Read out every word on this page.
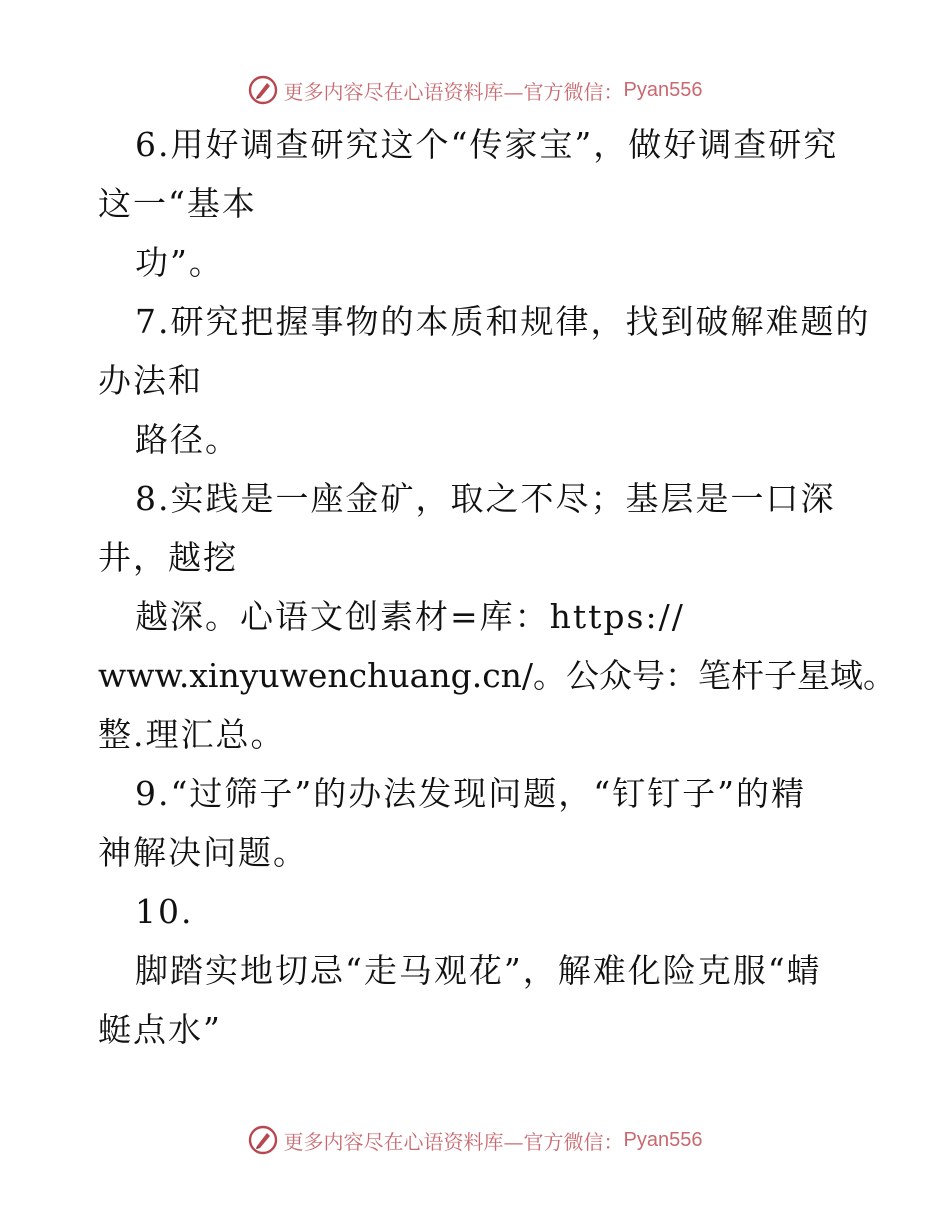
更多内容尽在心语资料库—官方微信： Pyan556
6.用好调查研究这个“传家宝”，做好调查研究
这一“基本
功”。
7.研究把握事物的本质和规律，找到破解难题的
办法和
路径。
8.实践是一座金矿，取之不尽；基层是一口深
井，越挖
越深。心语文创素材=库：https://
www.xinyuwenchuang.cn/。公众号：笔杆子星域。
整.理汇总。
9.“过筛子”的办法发现问题，“钉钉子”的精
神解决问题。
10.
脚踏实地切忌“走马观花”，解难化险克服“蜻
蜓点水”
更多内容尽在心语资料库—官方微信： Pyan556
